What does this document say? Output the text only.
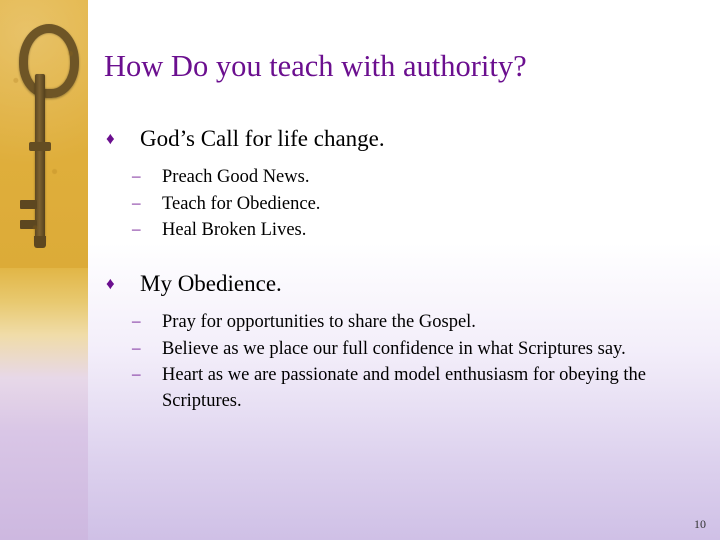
How Do you teach with authority?
♦	God’s Call for life change.
–	Preach Good News.
–	Teach for Obedience.
–	Heal Broken Lives.
♦	My Obedience.
–	Pray for opportunities to share the Gospel.
–	Believe as we place our full confidence in what Scriptures say.
–	Heart as we are passionate and model enthusiasm for obeying the Scriptures.
10
